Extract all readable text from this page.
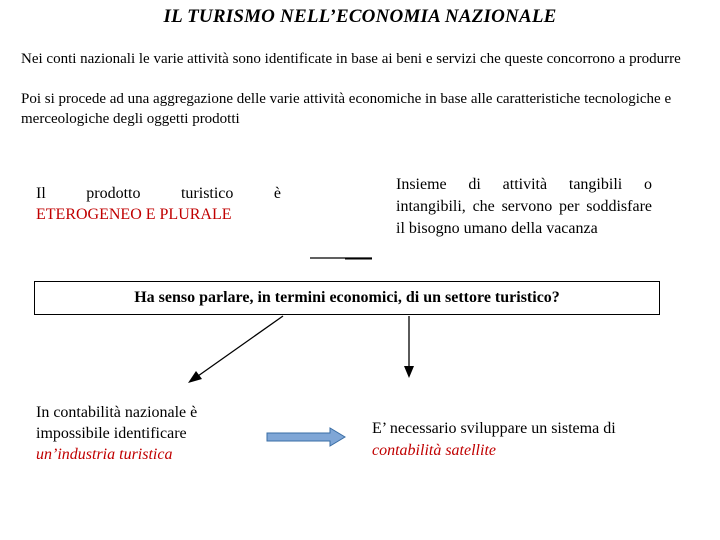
IL TURISMO NELL’ECONOMIA NAZIONALE
Nei conti nazionali le varie attività sono identificate in base ai beni e servizi che queste concorrono a produrre
Poi si procede ad una aggregazione delle varie attività economiche in base alle caratteristiche tecnologiche e merceologiche degli oggetti prodotti
Il prodotto turistico è
ETEROGENEO E PLURALE
Insieme di attività tangibili o intangibili, che servono per soddisfare il bisogno umano della vacanza
Ha senso parlare, in termini economici, di un settore turistico?
In contabilità nazionale è impossibile identificare
un’industria turistica
E’ necessario sviluppare un sistema di contabilità satellite
